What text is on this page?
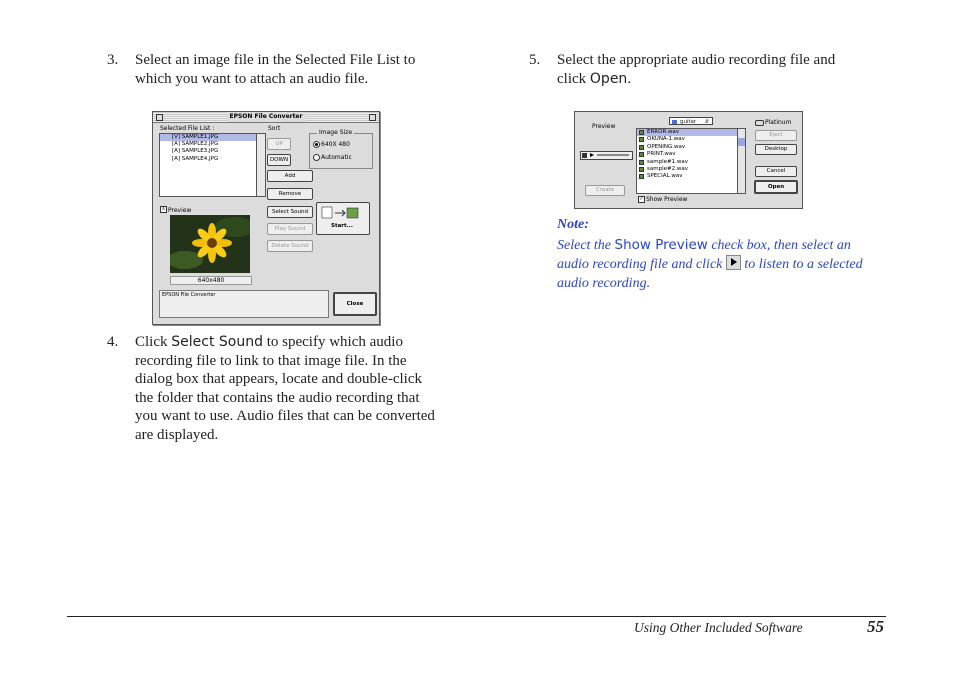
3. Select an image file in the Selected File List to
which you want to attach an audio file.
EPSON File Converter
Selected File List :
[V] SAMPLE1.JPG
[A] SAMPLE2.JPG
[A] SAMPLE3.JPG
[A] SAMPLE4.JPG
Sort
UP
DOWN
Add
Remove
Select Sound
Play Sound
Delete Sound
Image Size
640X 480
Automatic
Start...
X Preview
640x480
EPSON File Converter
Close
4. Click Select Sound to specify which audio
recording file to link to that image file. In the
dialog box that appears, locate and double-click
the folder that contains the audio recording that
you want to use. Audio files that can be converted
are displayed.
5. Select the appropriate audio recording file and
click Open.
Preview
Create
guitar ⇵
ERROR.wav
OKUNA-1.wav
OPENING.wav
PRINT.wav
sample#1.wav
sample#2.wav
SPECIAL.wav
Platinum
Eject
Desktop
Cancel
Open
✓ Show Preview
Note:
Select the Show Preview check box, then select an
audio recording file and click  to listen to a selected
audio recording.
Using Other Included Software	55
